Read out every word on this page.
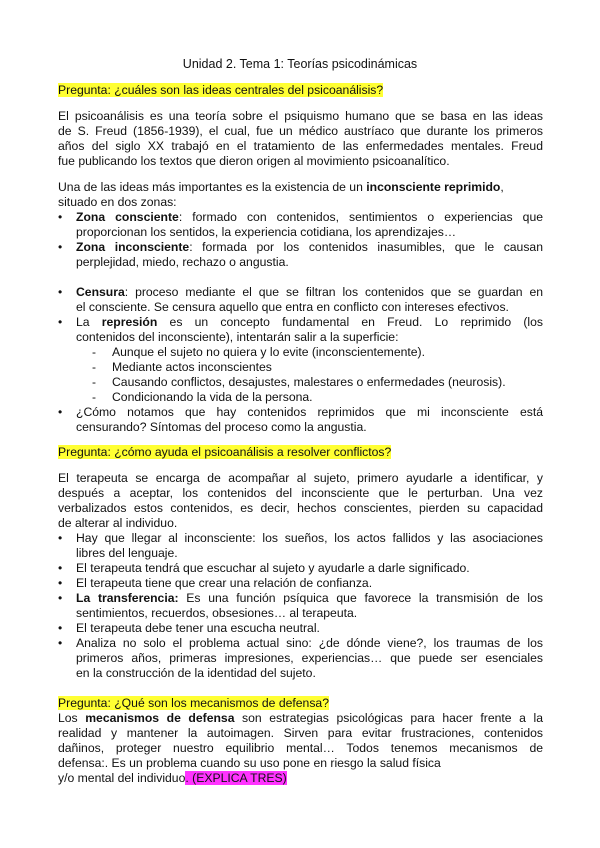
Unidad 2. Tema 1: Teorías psicodinámicas
Pregunta: ¿cuáles son las ideas centrales del psicoanálisis?
El psicoanálisis es una teoría sobre el psiquismo humano que se basa en las ideas
de S. Freud (1856-1939), el cual, fue un médico austríaco que durante los primeros
años del siglo XX trabajó en el tratamiento de las enfermedades mentales. Freud
fue publicando los textos que dieron origen al movimiento psicoanalítico.
Una de las ideas más importantes es la existencia de un inconsciente reprimido,
situado en dos zonas:
• Zona consciente: formado con contenidos, sentimientos o experiencias que
proporcionan los sentidos, la experiencia cotidiana, los aprendizajes…
• Zona inconsciente: formada por los contenidos inasumibles, que le causan
perplejidad, miedo, rechazo o angustia.
• Censura: proceso mediante el que se filtran los contenidos que se guardan en
el consciente. Se censura aquello que entra en conflicto con intereses efectivos.
• La represión es un concepto fundamental en Freud. Lo reprimido (los
contenidos del inconsciente), intentarán salir a la superficie:
- Aunque el sujeto no quiera y lo evite (inconscientemente).
- Mediante actos inconscientes
- Causando conflictos, desajustes, malestares o enfermedades (neurosis).
- Condicionando la vida de la persona.
• ¿Cómo notamos que hay contenidos reprimidos que mi inconsciente está
censurando? Síntomas del proceso como la angustia.
Pregunta: ¿cómo ayuda el psicoanálisis a resolver conflictos?
El terapeuta se encarga de acompañar al sujeto, primero ayudarle a identificar, y
después a aceptar, los contenidos del inconsciente que le perturban. Una vez
verbalizados estos contenidos, es decir, hechos conscientes, pierden su capacidad
de alterar al individuo.
• Hay que llegar al inconsciente: los sueños, los actos fallidos y las asociaciones
libres del lenguaje.
• El terapeuta tendrá que escuchar al sujeto y ayudarle a darle significado.
• El terapeuta tiene que crear una relación de confianza.
• La transferencia: Es una función psíquica que favorece la transmisión de los
sentimientos, recuerdos, obsesiones… al terapeuta.
• El terapeuta debe tener una escucha neutral.
• Analiza no solo el problema actual sino: ¿de dónde viene?, los traumas de los
primeros años, primeras impresiones, experiencias… que puede ser esenciales
en la construcción de la identidad del sujeto.
Pregunta: ¿Qué son los mecanismos de defensa?
Los mecanismos de defensa son estrategias psicológicas para hacer frente a la
realidad y mantener la autoimagen. Sirven para evitar frustraciones, contenidos
dañinos, proteger nuestro equilibrio mental… Todos tenemos mecanismos de
defensa:. Es un problema cuando su uso pone en riesgo la salud física
y/o mental del individuo. (EXPLICA TRES)
